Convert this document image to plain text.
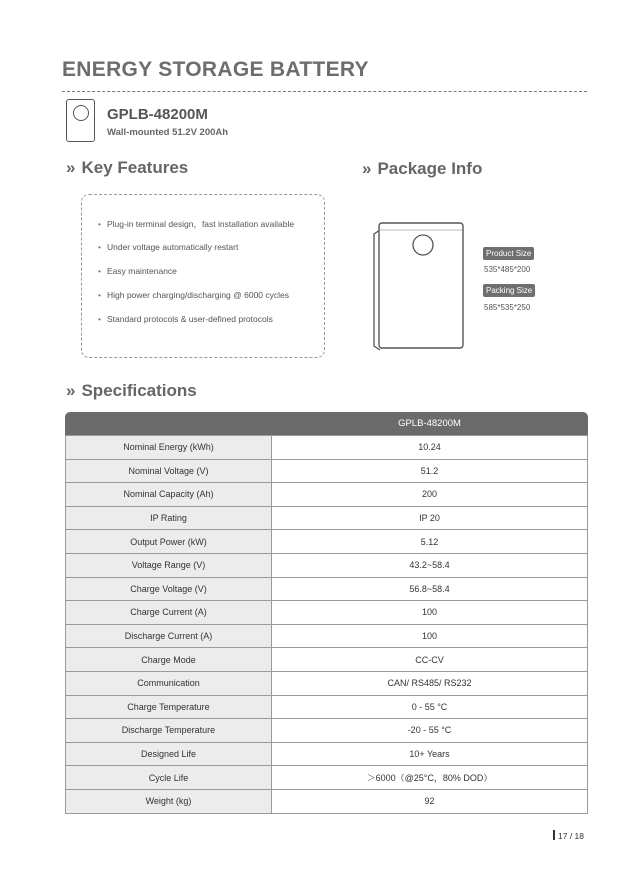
ENERGY STORAGE BATTERY
GPLB-48200M
Wall-mounted 51.2V 200Ah
» Key Features	» Package Info
• Plug-in terminal design，fast installation available
• Under voltage automatically restart
• Easy maintenance
• High power charging/discharging @ 6000 cycles
• Standard protocols & user-defined protocols
Product Size
535*485*200
Packing Size
585*535*250
» Specifications
	GPLB-48200M
Nominal Energy (kWh)	10.24
Nominal Voltage (V)	51.2
Nominal Capacity (Ah)	200
IP Rating	IP 20
Output Power (kW)	5.12
Voltage Range (V)	43.2~58.4
Charge Voltage (V)	56.8~58.4
Charge Current (A)	100
Discharge Current (A)	100
Charge Mode	CC-CV
Communication	CAN/ RS485/ RS232
Charge Temperature	0 - 55 °C
Discharge Temperature	-20 - 55 °C
Designed Life	10+ Years
Cycle Life	＞6000（@25°C，80% DOD）
Weight (kg)	92
17 / 18
